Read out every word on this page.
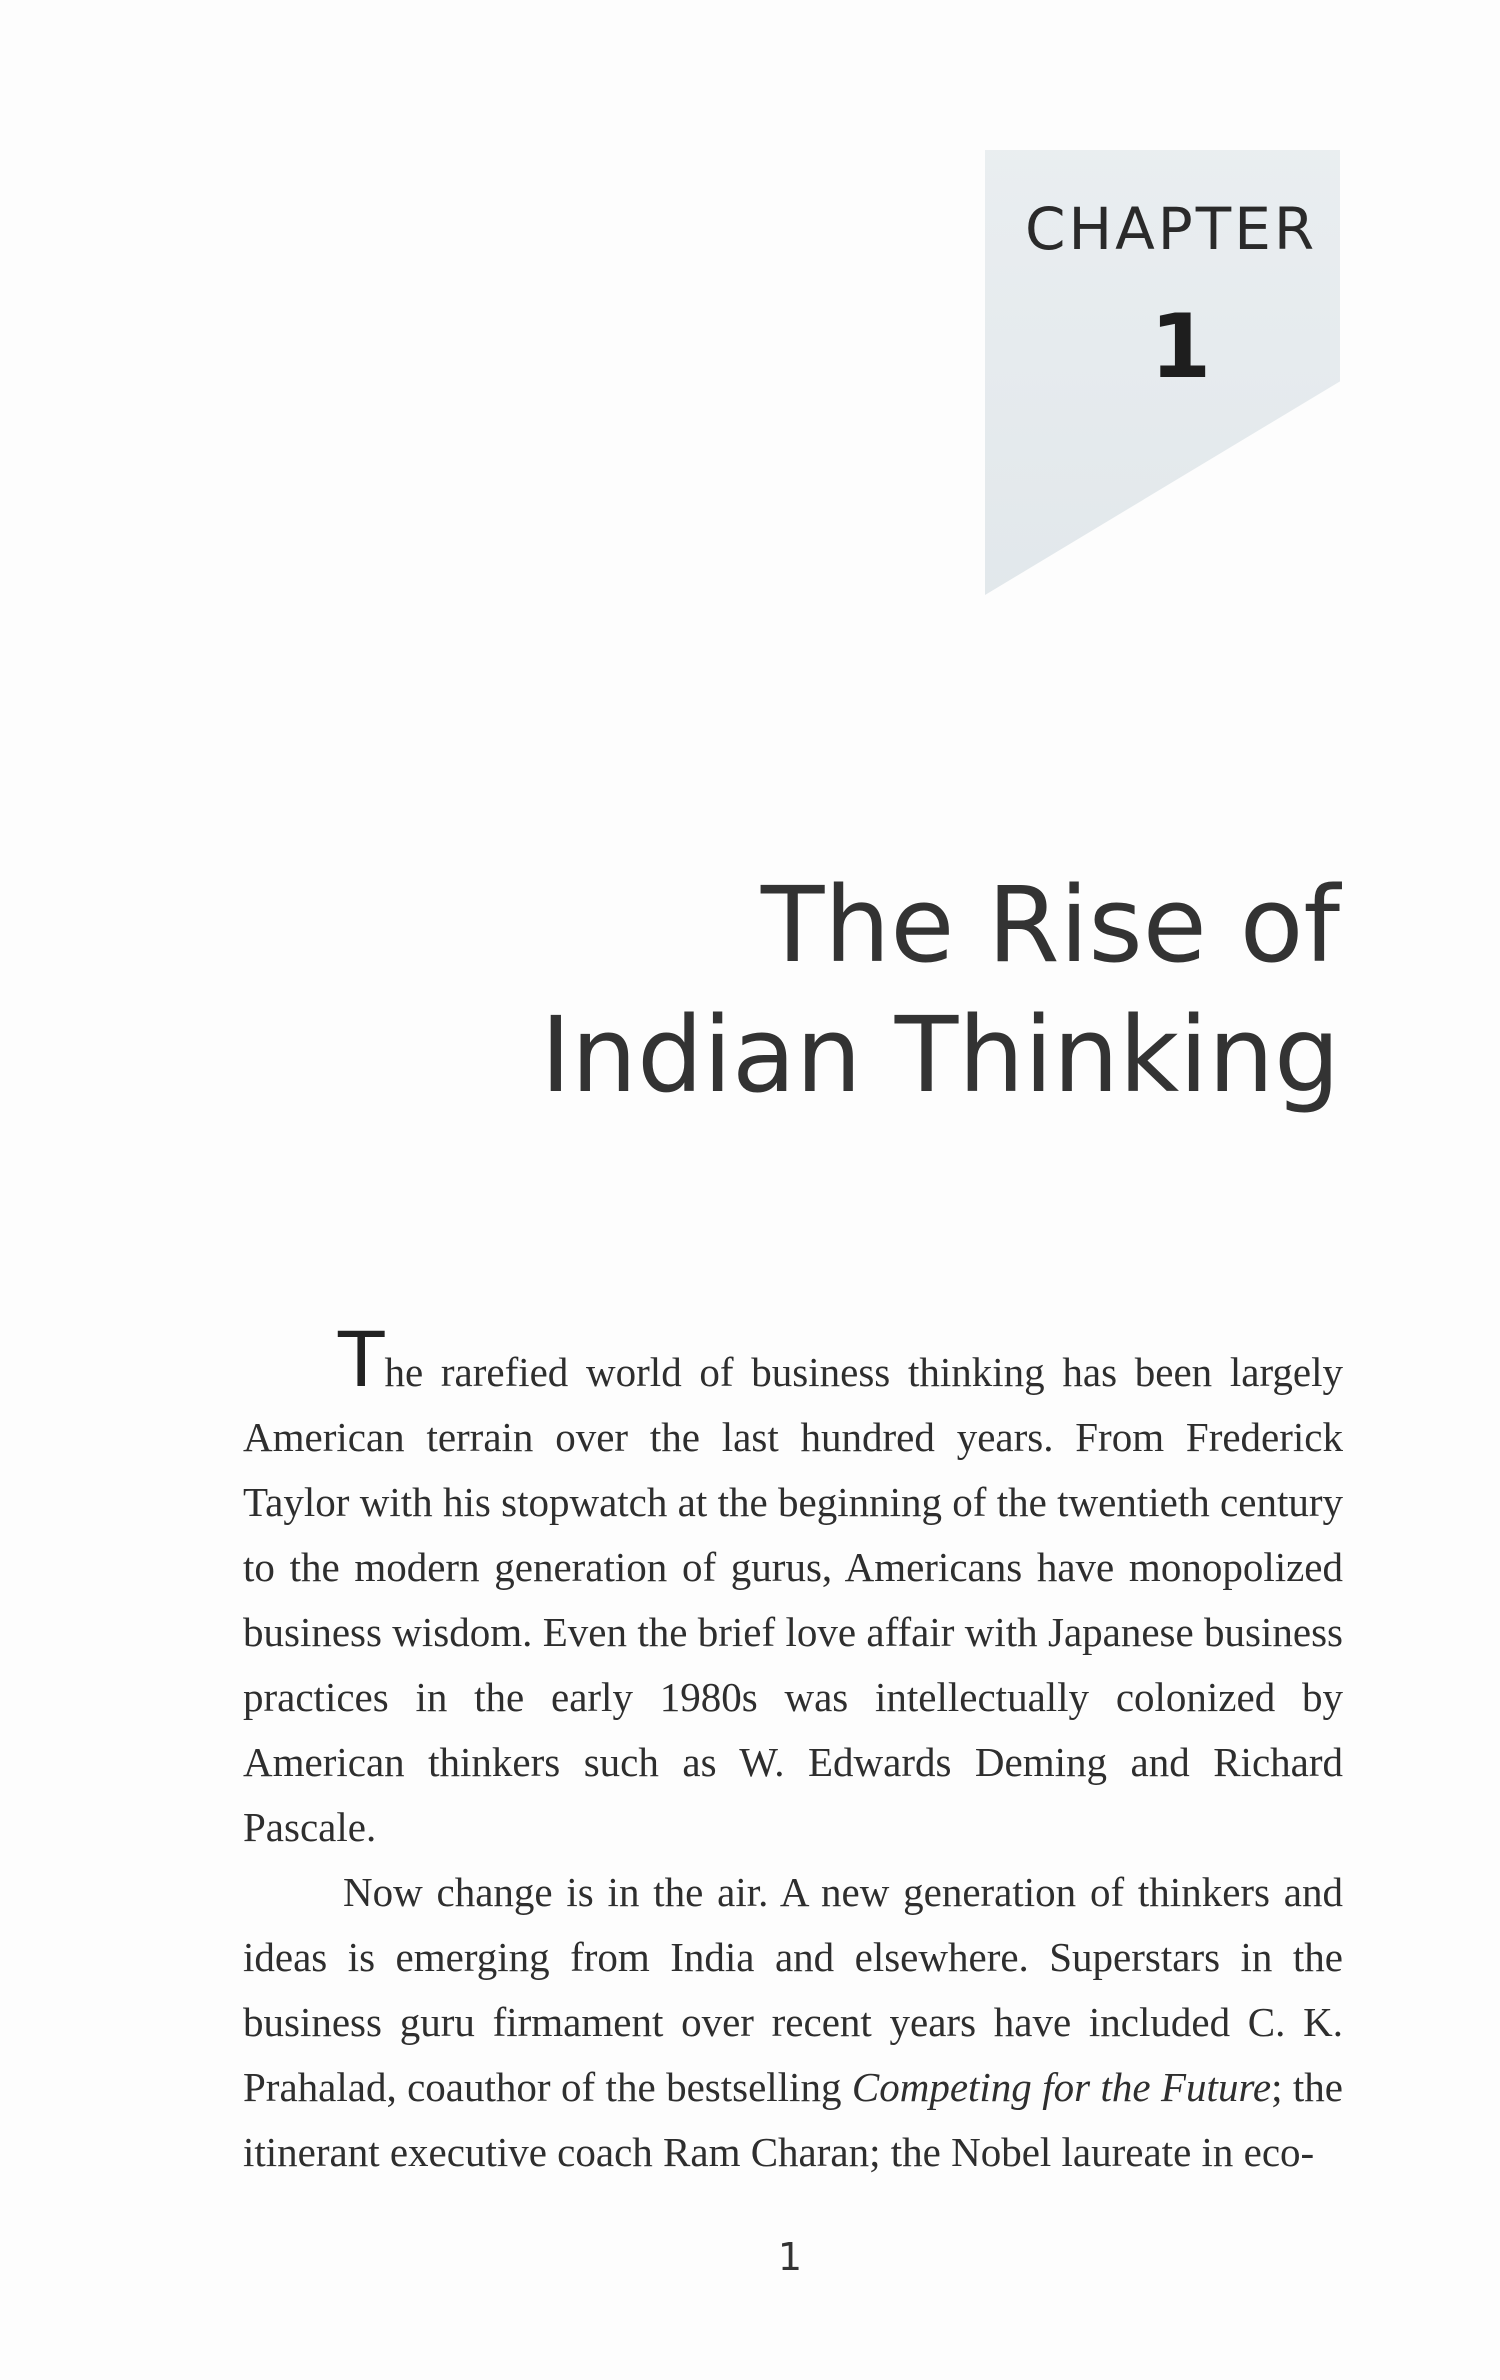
CHAPTER
1
The Rise of
Indian Thinking

The rarefied world of business thinking has been largely American terrain over the last hundred years. From Frederick Taylor with his stopwatch at the beginning of the twentieth century to the modern generation of gurus, Americans have monopolized business wisdom. Even the brief love affair with Japanese business practices in the early 1980s was intellectually colonized by American thinkers such as W. Edwards Deming and Richard Pascale.

Now change is in the air. A new generation of thinkers and ideas is emerging from India and elsewhere. Superstars in the business guru firmament over recent years have included C. K. Prahalad, coauthor of the bestselling Competing for the Future; the itinerant executive coach Ram Charan; the Nobel laureate in eco-

1
